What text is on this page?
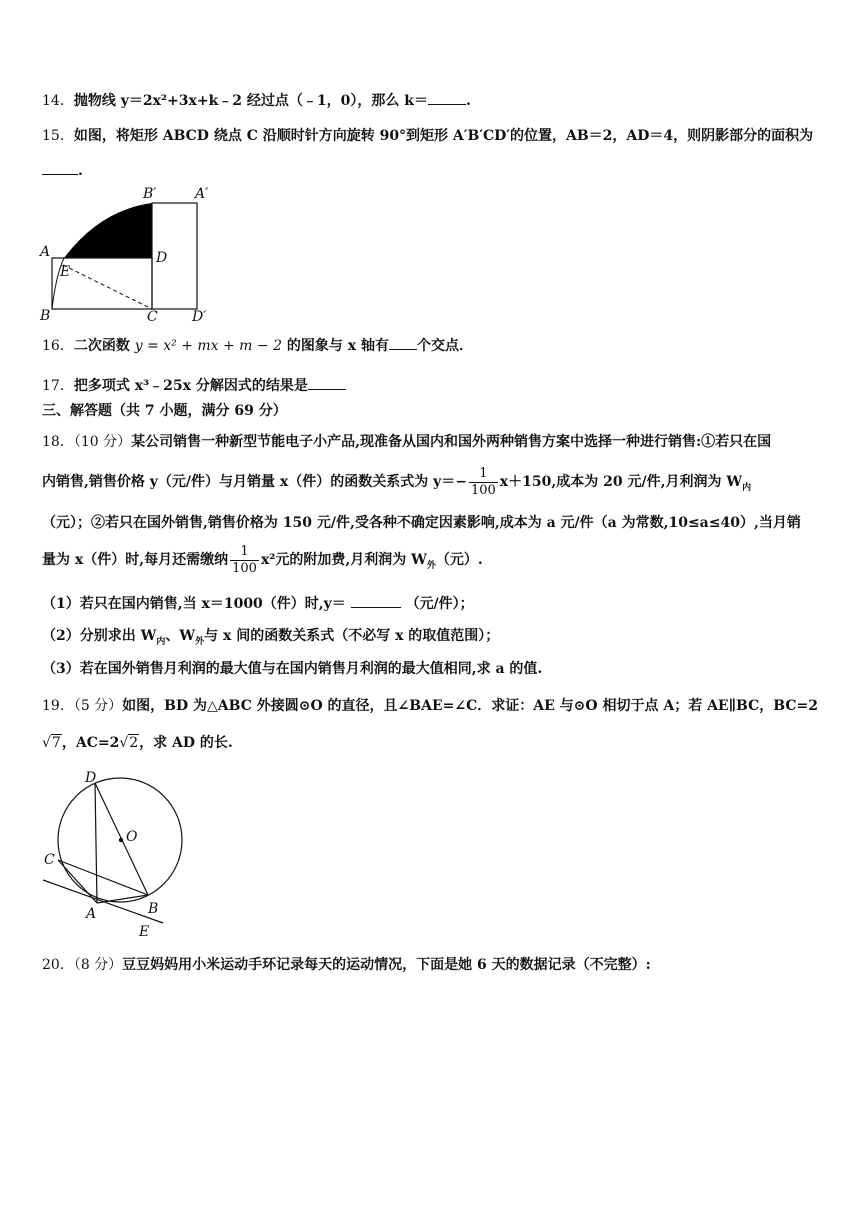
14．抛物线 y＝2x²+3x+k﹣2 经过点（﹣1，0），那么 k＝	.
15．如图，将矩形 ABCD 绕点 C 沿顺时针方向旋转 90°到矩形 A′B′CD′的位置，AB＝2，AD＝4，则阴影部分的面积为
.
B′	A′
A
E
D
B	C D′
16．二次函数 y = x² + mx + m − 2 的图象与 x 轴有 个交点．
17．把多项式 x³﹣25x 分解因式的结果是
三、解答题（共 7 小题，满分 69 分）
18．（10 分）某公司销售一种新型节能电子小产品,现准备从国内和国外两种销售方案中选择一种进行销售:①若只在国
内销售,销售价格 y（元/件）与月销量 x（件）的函数关系式为 $y=- \frac{1}{100} x+150$,成本为 20 元/件,月利润为 $W_内$
（元）；②若只在国外销售,销售价格为 150 元/件,受各种不确定因素影响,成本为 a 元/件（a 为常数,10≤a≤40）,当月销
量为 x（件）时,每月还需缴纳 $\frac{1}{100} x^2$元的附加费,月利润为 $W_外$（元）.
（1）若只在国内销售,当 x＝1000（件）时,y＝	（元/件）；
（2）分别求出 $W_内$、$W_外$与 x 间的函数关系式（不必写 x 的取值范围）；
（3）若在国外销售月利润的最大值与在国内销售月利润的最大值相同,求 a 的值.
19．（5 分）如图，BD 为△ABC 外接圆⊙O 的直径，且∠BAE=∠C．求证：AE 与⊙O 相切于点 A；若 AE∥BC，BC=2
√7，AC=2√2，求 AD 的长.
D
O
C
A	B
E
20．（8 分）豆豆妈妈用小米运动手环记录每天的运动情况，下面是她 6 天的数据记录（不完整）:
